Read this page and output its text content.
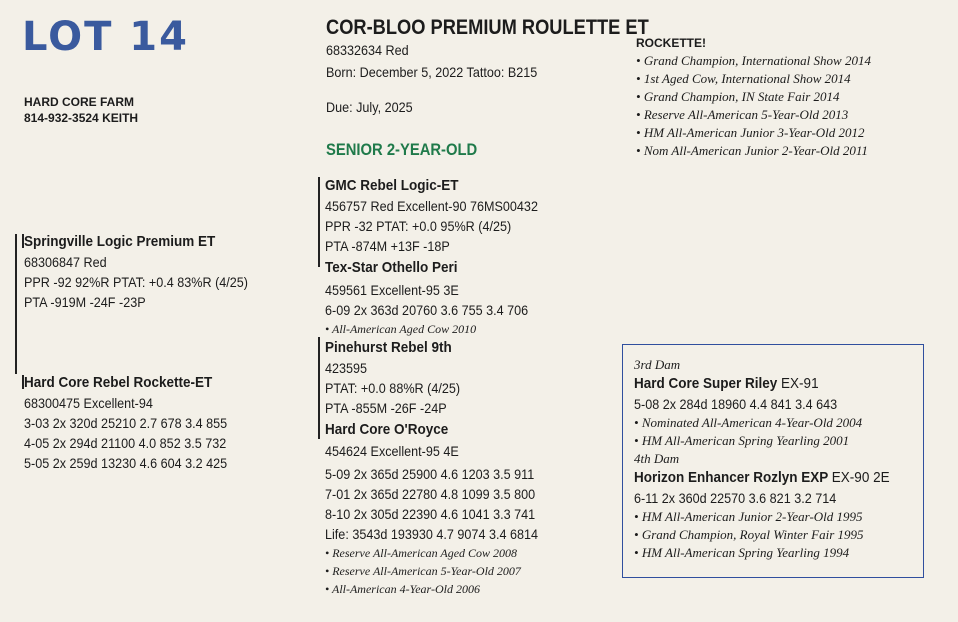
LOT 14
HARD CORE FARM
814-932-3524 KEITH
COR-BLOO PREMIUM ROULETTE ET
68332634 Red
Born: December 5, 2022 Tattoo: B215
Due: July, 2025
SENIOR 2-YEAR-OLD
ROCKETTE!
• Grand Champion, International Show 2014
• 1st Aged Cow, International Show 2014
• Grand Champion, IN State Fair 2014
• Reserve All-American 5-Year-Old 2013
• HM All-American Junior 3-Year-Old 2012
• Nom All-American Junior 2-Year-Old 2011
Springville Logic Premium ET
68306847 Red
PPR -92 92%R PTAT: +0.4 83%R (4/25)
PTA -919M -24F -23P
Hard Core Rebel Rockette-ET
68300475 Excellent-94
3-03 2x 320d 25210 2.7 678 3.4 855
4-05 2x 294d 21100 4.0 852 3.5 732
5-05 2x 259d 13230 4.6 604 3.2 425
GMC Rebel Logic-ET
456757 Red Excellent-90 76MS00432
PPR -32 PTAT: +0.0 95%R (4/25)
PTA -874M +13F -18P
Tex-Star Othello Peri
459561 Excellent-95 3E
6-09 2x 363d 20760 3.6 755 3.4 706
• All-American Aged Cow 2010
Pinehurst Rebel 9th
423595
PTAT: +0.0 88%R (4/25)
PTA -855M -26F -24P
Hard Core O'Royce
454624 Excellent-95 4E
5-09 2x 365d 25900 4.6 1203 3.5 911
7-01 2x 365d 22780 4.8 1099 3.5 800
8-10 2x 305d 22390 4.6 1041 3.3 741
Life: 3543d 193930 4.7 9074 3.4 6814
• Reserve All-American Aged Cow 2008
• Reserve All-American 5-Year-Old 2007
• All-American 4-Year-Old 2006
3rd Dam
Hard Core Super Riley EX-91
5-08 2x 284d 18960 4.4 841 3.4 643
• Nominated All-American 4-Year-Old 2004
• HM All-American Spring Yearling 2001
4th Dam
Horizon Enhancer Rozlyn EXP EX-90 2E
6-11 2x 360d 22570 3.6 821 3.2 714
• HM All-American Junior 2-Year-Old 1995
• Grand Champion, Royal Winter Fair 1995
• HM All-American Spring Yearling 1994
